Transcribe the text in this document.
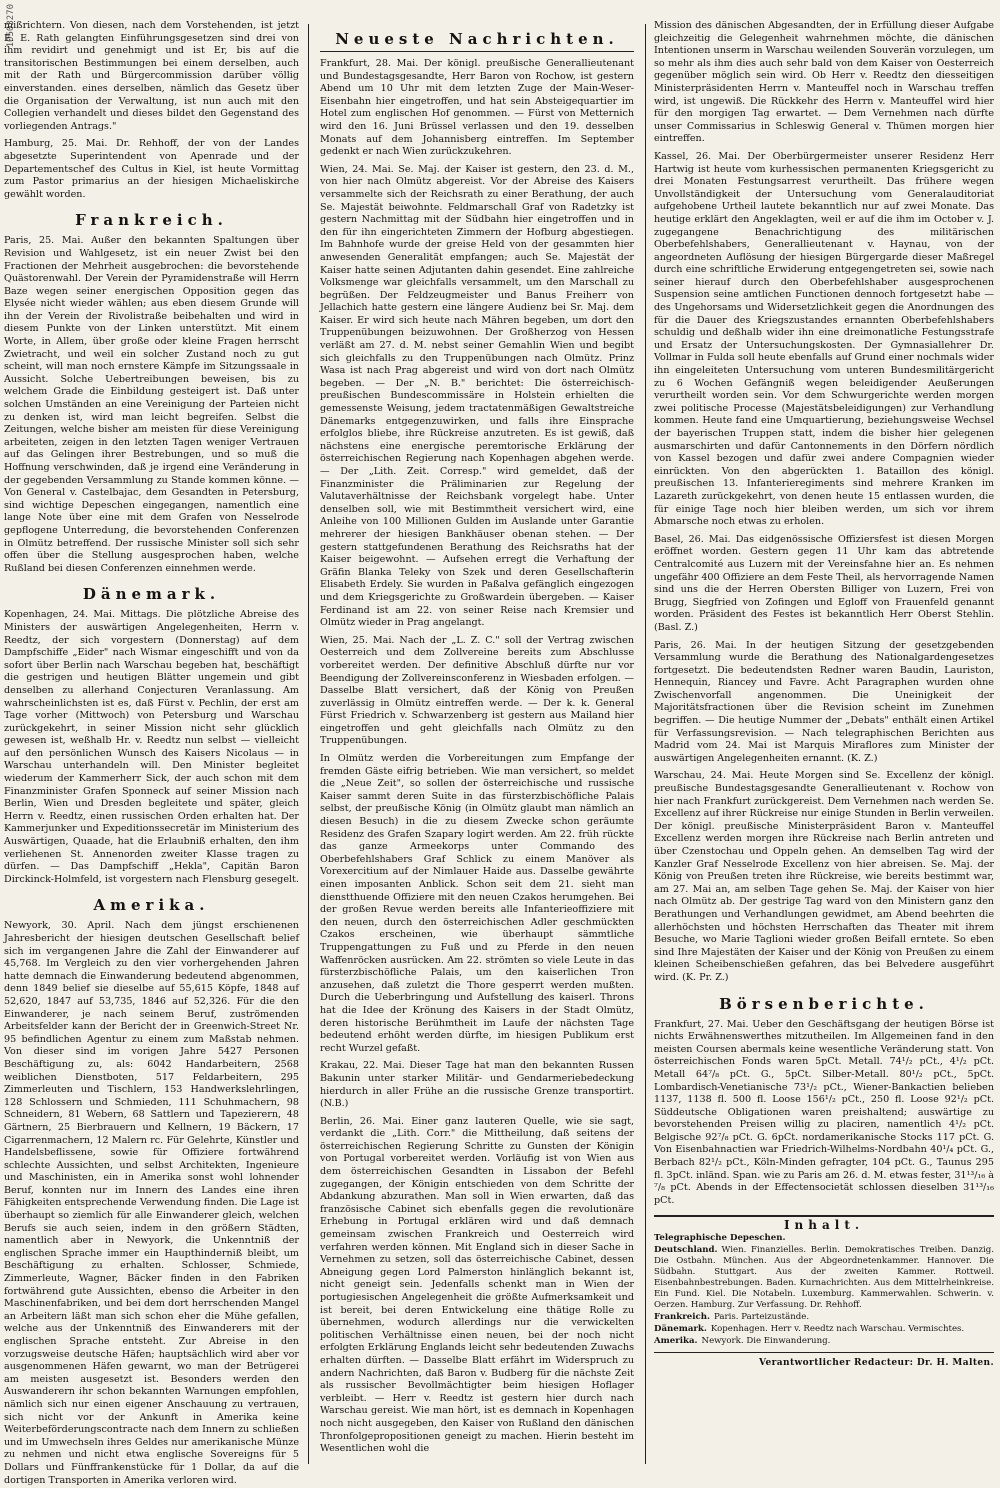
10503270

mißrichtern. Von diesen, nach dem Vorstehenden, ist jetzt E. E. Rath gelangten Einführungsgesetzen sind drei von ihm revidirt und genehmigt und ist Er, bis auf die transitorischen Bestimmungen bei einem derselben, auch mit der Rath und Bürgercommission darüber völlig einverstanden. eines derselben, nämlich das Gesetz über die Organisation der Verwaltung, ist nun auch mit den Collegien verhandelt und dieses bildet den Gegenstand des vorliegenden Antrags."

Hamburg, 25. Mai. Dr. Rehhoff, der von der Landes abgesetzte Superintendent von Apenrade und der Departementschef des Cultus in Kiel, ist heute Vormittag zum Pastor primarius an der hiesigen Michaeliskirche gewählt worden.

Frankreich.

Paris, 25. Mai. Außer den bekannten Spaltungen über Revision und Wahlgesetz, ist ein neuer Zwist bei den Fractionen der Mehrheit ausgebrochen: die bevorstehende Quästorenwahl. Der Verein der Pyramidenstraße will Herrn Baze wegen seiner energischen Opposition gegen das Elysée nicht wieder wählen; aus eben diesem Grunde will ihn der Verein der Rivolistraße beibehalten und wird in diesem Punkte von der Linken unterstützt. Mit einem Worte, in Allem, über große oder kleine Fragen herrscht Zwietracht, und weil ein solcher Zustand noch zu gut scheint, will man noch ernstere Kämpfe im Sitzungssaale in Aussicht. Solche Uebertreibungen beweisen, bis zu welchem Grade die Einbildung gesteigert ist. Daß unter solchen Umständen an eine Vereinigung der Parteien nicht zu denken ist, wird man leicht begreifen. Selbst die Zeitungen, welche bisher am meisten für diese Vereinigung arbeiteten, zeigen in den letzten Tagen weniger Vertrauen auf das Gelingen ihrer Bestrebungen, und so muß die Hoffnung verschwinden, daß je irgend eine Veränderung in der gegebenden Versammlung zu Stande kommen könne. — Von General v. Castelbajac, dem Gesandten in Petersburg, sind wichtige Depeschen eingegangen, namentlich eine lange Note über eine mit dem Grafen von Nesselrode gepflogene Unterredung, die bevorstehenden Conferenzen in Olmütz betreffend. Der russische Minister soll sich sehr offen über die Stellung ausgesprochen haben, welche Rußland bei diesen Conferenzen einnehmen werde.

Dänemark.

Kopenhagen, 24. Mai. Mittags. Die plötzliche Abreise des Ministers der auswärtigen Angelegenheiten, Herrn v. Reedtz, der sich vorgestern (Donnerstag) auf dem Dampfschiffe „Eider" nach Wismar eingeschifft und von da sofort über Berlin nach Warschau begeben hat, beschäftigt die gestrigen und heutigen Blätter ungemein und gibt denselben zu allerhand Conjecturen Veranlassung. Am wahrscheinlichsten ist es, daß Fürst v. Pechlin, der erst am Tage vorher (Mittwoch) von Petersburg und Warschau zurückgekehrt, in seiner Mission nicht sehr glücklich gewesen ist, weßhalb Hr. v. Reedtz nun selbst — vielleicht auf den persönlichen Wunsch des Kaisers Nicolaus — in Warschau unterhandeln will. Den Minister begleitet wiederum der Kammerherr Sick, der auch schon mit dem Finanzminister Grafen Sponneck auf seiner Mission nach Berlin, Wien und Dresden begleitete und später, gleich Herrn v. Reedtz, einen russischen Orden erhalten hat. Der Kammerjunker und Expeditionssecretär im Ministerium des Auswärtigen, Quaade, hat die Erlaubniß erhalten, den ihm verliehenen St. Annenorden zweiter Klasse tragen zu dürfen. — Das Dampfschiff „Hekla", Capitän Baron Dirckinck-Holmfeld, ist vorgestern nach Flensburg gesegelt.

Amerika.

Newyork, 30. April. Nach dem jüngst erschienenen Jahresbericht der hiesigen deutschen Gesellschaft belief sich im vergangenen Jahre die Zahl der Einwanderer auf 45,768. Im Vergleich zu den vier vorhergehenden Jahren hatte demnach die Einwanderung bedeutend abgenommen, denn 1849 belief sie dieselbe auf 55,615 Köpfe, 1848 auf 52,620, 1847 auf 53,735, 1846 auf 52,326. Für die den Einwanderer, je nach seinem Beruf, zuströmenden Arbeitsfelder kann der Bericht der in Greenwich-Street Nr. 95 befindlichen Agentur zu einem zum Maßstab nehmen. Von dieser sind im vorigen Jahre 5427 Personen Beschäftigung zu, als: 6042 Handarbeitern, 2568 weiblichen Dienstboten, 517 Feldarbeitern, 295 Zimmerleuten und Tischlern, 153 Handwerkslehrlingen, 128 Schlossern und Schmieden, 111 Schuhmachern, 98 Schneidern, 81 Webern, 68 Sattlern und Tapezierern, 48 Gärtnern, 25 Bierbrauern und Kellnern, 19 Bäckern, 17 Cigarrenmachern, 12 Malern rc. Für Gelehrte, Künstler und Handelsbeflissene, sowie für Offiziere fortwährend schlechte Aussichten, und selbst Architekten, Ingenieure und Maschinisten, ein in Amerika sonst wohl lohnender Beruf, konnten nur im Innern des Landes eine ihren Fähigkeiten entsprechende Verwendung finden. Die Lage ist überhaupt so ziemlich für alle Einwanderer gleich, welchen Berufs sie auch seien, indem in den größern Städten, namentlich aber in Newyork, die Unkenntniß der englischen Sprache immer ein Haupthinderniß bleibt, um Beschäftigung zu erhalten. Schlosser, Schmiede, Zimmerleute, Wagner, Bäcker finden in den Fabriken fortwährend gute Aussichten, ebenso die Arbeiter in den Maschinenfabriken, und bei dem dort herrschenden Mangel an Arbeitern läßt man sich schon eher die Mühe gefallen, welche aus der Unkenntniß des Einwanderers mit der englischen Sprache entsteht. Zur Abreise in den vorzugsweise deutsche Häfen; hauptsächlich wird aber vor ausgenommenen Häfen gewarnt, wo man der Betrügerei am meisten ausgesetzt ist. Besonders werden den Auswanderern ihr schon bekannten Warnungen empfohlen, nämlich sich nur einen eigener Anschauung zu vertrauen, sich nicht vor der Ankunft in Amerika keine Weiterbeförderungscontracte nach dem Innern zu schließen und im Umwechseln ihres Geldes nur amerikanische Münze zu nehmen und nicht etwa englische Sovereigns für 5 Dollars und Fünffrankenstücke für 1 Dollar, da auf die dortigen Transporten in Amerika verloren wird.

Neueste Nachrichten.

Frankfurt, 28. Mai. Der königl. preußische Generallieutenant und Bundestagsgesandte, Herr Baron von Rochow, ist gestern Abend um 10 Uhr mit dem letzten Zuge der Main-Weser-Eisenbahn hier eingetroffen, und hat sein Absteigequartier im Hotel zum englischen Hof genommen. — Fürst von Metternich wird den 16. Juni Brüssel verlassen und den 19. desselben Monats auf dem Johannisberg eintreffen. Im September gedenkt er nach Wien zurückzukehren.

Wien, 24. Mai. Se. Maj. der Kaiser ist gestern, den 23. d. M., von hier nach Olmütz abgereist. Vor der Abreise des Kaisers versammelte sich der Reichsrath zu einer Berathung, der auch Se. Majestät beiwohnte. Feldmarschall Graf von Radetzky ist gestern Nachmittag mit der Südbahn hier eingetroffen und in den für ihn eingerichteten Zimmern der Hofburg abgestiegen. Im Bahnhofe wurde der greise Held von der gesammten hier anwesenden Generalität empfangen; auch Se. Majestät der Kaiser hatte seinen Adjutanten dahin gesendet. Eine zahlreiche Volksmenge war gleichfalls versammelt, um den Marschall zu begrüßen. Der Feldzeugmeister und Banus Freiherr von Jellachich hatte gestern eine längere Audienz bei Sr. Maj. dem Kaiser. Er wird sich heute nach Mähren begeben, um dort den Truppenübungen beizuwohnen. Der Großherzog von Hessen verläßt am 27. d. M. nebst seiner Gemahlin Wien und begibt sich gleichfalls zu den Truppenübungen nach Olmütz. Prinz Wasa ist nach Prag abgereist und wird von dort nach Olmütz begeben. — Der „N. B." berichtet: Die österreichisch-preußischen Bundescommissäre in Holstein erhielten die gemessenste Weisung, jedem tractatenmäßigen Gewaltstreiche Dänemarks entgegenzuwirken, und falls ihre Einsprache erfolglos bliebe, ihre Rückreise anzutreten. Es ist gewiß, daß nächstens eine energische peremtorische Erklärung der österreichischen Regierung nach Kopenhagen abgehen werde. — Der „Lith. Zeit. Corresp." wird gemeldet, daß der Finanzminister die Präliminarien zur Regelung der Valutaverhältnisse der Reichsbank vorgelegt habe. Unter denselben soll, wie mit Bestimmtheit versichert wird, eine Anleihe von 100 Millionen Gulden im Auslande unter Garantie mehrerer der hiesigen Bankhäuser obenan stehen. — Der gestern stattgefundenen Berathung des Reichsraths hat der Kaiser beigewohnt. — Aufsehen erregt die Verhaftung der Gräfin Blanka Teleky von Szek und deren Gesellschafterin Elisabeth Erdely. Sie wurden in Paßalva gefänglich eingezogen und dem Kriegsgerichte zu Großwardein übergeben. — Kaiser Ferdinand ist am 22. von seiner Reise nach Kremsier und Olmütz wieder in Prag angelangt.

Wien, 25. Mai. Nach der „L. Z. C." soll der Vertrag zwischen Oesterreich und dem Zollvereine bereits zum Abschlusse vorbereitet werden. Der definitive Abschluß dürfte nur vor Beendigung der Zollvereinsconferenz in Wiesbaden erfolgen. — Dasselbe Blatt versichert, daß der König von Preußen zuverlässig in Olmütz eintreffen werde. — Der k. k. General Fürst Friedrich v. Schwarzenberg ist gestern aus Mailand hier eingetroffen und geht gleichfalls nach Olmütz zu den Truppenübungen.

In Olmütz werden die Vorbereitungen zum Empfange der fremden Gäste eifrig betrieben. Wie man versichert, so meldet die „Neue Zeit", so sollen der österreichische und russische Kaiser sammt deren Suite in das fürsterzbischöfliche Palais selbst, der preußische König (in Olmütz glaubt man nämlich an diesen Besuch) in die zu diesem Zwecke schon geräumte Residenz des Grafen Szapary logirt werden. Am 22. früh rückte das ganze Armeekorps unter Commando des Oberbefehlshabers Graf Schlick zu einem Manöver als Vorexercitium auf der Nimlauer Haide aus. Dasselbe gewährte einen imposanten Anblick. Schon seit dem 21. sieht man dienstthuende Offiziere mit den neuen Czakos herumgehen. Bei der großen Revue werden bereits alle Infanterieoffiziere mit den neuen, durch den österreichischen Adler geschmückten Czakos erscheinen, wie überhaupt sämmtliche Truppengattungen zu Fuß und zu Pferde in den neuen Waffenröcken ausrücken. Am 22. strömten so viele Leute in das fürsterzbischöfliche Palais, um den kaiserlichen Tron anzusehen, daß zuletzt die Thore gesperrt werden mußten. Durch die Ueberbringung und Aufstellung des kaiserl. Throns hat die Idee der Krönung des Kaisers in der Stadt Olmütz, deren historische Berühmtheit im Laufe der nächsten Tage bedeutend erhöht werden dürfte, im hiesigen Publikum erst recht Wurzel gefaßt.

Krakau, 22. Mai. Dieser Tage hat man den bekannten Russen Bakunin unter starker Militär- und Gendarmeriebedeckung hierdurch in aller Frühe an die russische Grenze transportirt. (N.B.)

Berlin, 26. Mai. Einer ganz lauteren Quelle, wie sie sagt, verdankt die „Lith. Corr." die Mittheilung, daß seitens der österreichischen Regierung Schritte zu Gunsten der Königin von Portugal vorbereitet werden. Vorläufig ist von Wien aus dem österreichischen Gesandten in Lissabon der Befehl zugegangen, der Königin entschieden von dem Schritte der Abdankung abzurathen. Man soll in Wien erwarten, daß das französische Cabinet sich ebenfalls gegen die revolutionäre Erhebung in Portugal erklären wird und daß demnach gemeinsam zwischen Frankreich und Oesterreich wird verfahren werden können. Mit England sich in dieser Sache in Vernehmen zu setzen, soll das österreichische Cabinet, dessen Abneigung gegen Lord Palmerston hinlänglich bekannt ist, nicht geneigt sein. Jedenfalls schenkt man in Wien der portugiesischen Angelegenheit die größte Aufmerksamkeit und ist bereit, bei deren Entwickelung eine thätige Rolle zu übernehmen, wodurch allerdings nur die verwickelten politischen Verhältnisse einen neuen, bei der noch nicht erfolgten Erklärung Englands leicht sehr bedeutenden Zuwachs erhalten dürften. — Dasselbe Blatt erfährt im Widerspruch zu andern Nachrichten, daß Baron v. Budberg für die nächste Zeit als russischer Bevollmächtigter beim hiesigen Hoflager verbleibt. — Herr v. Reedtz ist gestern hier durch nach Warschau gereist. Wie man hört, ist es demnach in Kopenhagen noch nicht ausgegeben, den Kaiser von Rußland den dänischen Thronfolgepropositionen geneigt zu machen. Hierin besteht im Wesentlichen wohl die

Mission des dänischen Abgesandten, der in Erfüllung dieser Aufgabe gleichzeitig die Gelegenheit wahrnehmen möchte, die dänischen Intentionen unserm in Warschau weilenden Souverän vorzulegen, um so mehr als ihm dies auch sehr bald von dem Kaiser von Oesterreich gegenüber möglich sein wird. Ob Herr v. Reedtz den diesseitigen Ministerpräsidenten Herrn v. Manteuffel noch in Warschau treffen wird, ist ungewiß. Die Rückkehr des Herrn v. Manteuffel wird hier für den morgigen Tag erwartet. — Dem Vernehmen nach dürfte unser Commissarius in Schleswig General v. Thümen morgen hier eintreffen.

Kassel, 26. Mai. Der Oberbürgermeister unserer Residenz Herr Hartwig ist heute vom kurhessischen permanenten Kriegsgericht zu drei Monaten Festungsarrest verurtheilt. Das frühere wegen Unvollständigkeit der Untersuchung vom Generalauditoriat aufgehobene Urtheil lautete bekanntlich nur auf zwei Monate. Das heutige erklärt den Angeklagten, weil er auf die ihm im October v. J. zugegangene Benachrichtigung des militärischen Oberbefehlshabers, Generallieutenant v. Haynau, von der angeordneten Auflösung der hiesigen Bürgergarde dieser Maßregel durch eine schriftliche Erwiderung entgegengetreten sei, sowie nach seiner hierauf durch den Oberbefehlshaber ausgesprochenen Suspension seine amtlichen Functionen dennoch fortgesetzt habe — des Ungehorsams und Widersetzlichkeit gegen die Anordnungen des für die Dauer des Kriegszustandes ernannten Oberbefehlshabers schuldig und deßhalb wider ihn eine dreimonatliche Festungsstrafe und Ersatz der Untersuchungskosten. Der Gymnasiallehrer Dr. Vollmar in Fulda soll heute ebenfalls auf Grund einer nochmals wider ihn eingeleiteten Untersuchung vom unteren Bundesmilitärgericht zu 6 Wochen Gefängniß wegen beleidigender Aeußerungen verurtheilt worden sein. Vor dem Schwurgerichte werden morgen zwei politische Processe (Majestätsbeleidigungen) zur Verhandlung kommen. Heute fand eine Umquartierung, beziehungsweise Wechsel der bayerischen Truppen statt, indem die bisher hier gelegenen ausmarschirten und dafür Cantonnements in den Dörfern nördlich von Kassel bezogen und dafür zwei andere Compagnien wieder einrückten. Von den abgerückten 1. Bataillon des königl. preußischen 13. Infanterieregiments sind mehrere Kranken im Lazareth zurückgekehrt, von denen heute 15 entlassen wurden, die für einige Tage noch hier bleiben werden, um sich vor ihrem Abmarsche noch etwas zu erholen.

Basel, 26. Mai. Das eidgenössische Offiziersfest ist diesen Morgen eröffnet worden. Gestern gegen 11 Uhr kam das abtretende Centralcomité aus Luzern mit der Vereinsfahne hier an. Es nehmen ungefähr 400 Offiziere an dem Feste Theil, als hervorragende Namen sind uns die der Herren Obersten Billiger von Luzern, Frei von Brugg, Siegfried von Zofingen und Egloff von Frauenfeld genannt worden. Präsident des Festes ist bekanntlich Herr Oberst Stehlin. (Basl. Z.)

Paris, 26. Mai. In der heutigen Sitzung der gesetzgebenden Versammlung wurde die Berathung des Nationalgardengesetzes fortgesetzt. Die bedeutendsten Redner waren Baudin, Lauriston, Hennequin, Riancey und Favre. Acht Paragraphen wurden ohne Zwischenvorfall angenommen. Die Uneinigkeit der Majoritätsfractionen über die Revision scheint im Zunehmen begriffen. — Die heutige Nummer der „Debats" enthält einen Artikel für Verfassungsrevision. — Nach telegraphischen Berichten aus Madrid vom 24. Mai ist Marquis Miraflores zum Minister der auswärtigen Angelegenheiten ernannt. (K. Z.)

Warschau, 24. Mai. Heute Morgen sind Se. Excellenz der königl. preußische Bundestagsgesandte Generallieutenant v. Rochow von hier nach Frankfurt zurückgereist. Dem Vernehmen nach werden Se. Excellenz auf ihrer Rückreise nur einige Stunden in Berlin verweilen. Der königl. preußische Ministerpräsident Baron v. Manteuffel Excellenz werden morgen ihre Rückreise nach Berlin antreten und über Czenstochau und Oppeln gehen. An demselben Tag wird der Kanzler Graf Nesselrode Excellenz von hier abreisen. Se. Maj. der König von Preußen treten ihre Rückreise, wie bereits bestimmt war, am 27. Mai an, am selben Tage gehen Se. Maj. der Kaiser von hier nach Olmütz ab. Der gestrige Tag ward von den Ministern ganz den Berathungen und Verhandlungen gewidmet, am Abend beehrten die allerhöchsten und höchsten Herrschaften das Theater mit ihrem Besuche, wo Marie Taglioni wieder großen Beifall erntete. So eben sind Ihre Majestäten der Kaiser und der König von Preußen zu einem kleinen Scheibenschießen gefahren, das bei Belvedere ausgeführt wird. (K. Pr. Z.)

Börsenberichte.

Frankfurt, 27. Mai. Ueber den Geschäftsgang der heutigen Börse ist nichts Erwähnenswerthes mitzutheilen. Im Allgemeinen fand in den meisten Coursen abermals keine wesentliche Veränderung statt. Von österreichischen Fonds waren 5pCt. Metall. 74¹/₂ pCt., 4¹/₂ pCt. Metall 64⁷/₈ pCt. G., 5pCt. Silber-Metall. 80¹/₂ pCt., 5pCt. Lombardisch-Venetianische 73¹/₂ pCt., Wiener-Bankactien belieben 1137, 1138 fl. 500 fl. Loose 156¹/₂ pCt., 250 fl. Loose 92¹/₂ pCt. Süddeutsche Obligationen waren preishaltend; auswärtige zu bevorstehenden Preisen willig zu placiren, namentlich 4¹/₂ pCt. Belgische 92⁷/₈ pCt. G. 6pCt. nordamerikanische Stocks 117 pCt. G. Von Eisenbahnactien war Friedrich-Wilhelms-Nordbahn 40¹/₄ pCt. G., Berbach 82¹/₂ pCt., Köln-Minden gefragter, 104 pCt. G., Taunus 295 fl. 3pCt. inländ. Span. wie zu Paris am 26. d. M. etwas fester, 31¹³/₁₆ à ⁷/₈ pCt. Abends in der Effectensocietät schlossen dieselben 31¹³/₁₆ pCt.

Inhalt.
Telegraphische Depeschen.
Deutschland. Wien. Finanzielles. Berlin. Demokratisches Treiben. Danzig. Die Ostbahn. München. Aus der Abgeordnetenkammer. Hannover. Die Südbahn. Stuttgart. Aus der zweiten Kammer. Rottweil. Eisenbahnbestrebungen. Baden. Kurnachrichten. Aus dem Mittelrheinkreise. Ein Fund. Kiel. Die Notabeln. Luxemburg. Kammerwahlen. Schwerin. v. Oerzen. Hamburg. Zur Verfassung. Dr. Rehhoff.
Frankreich. Paris. Parteizustände.
Dänemark. Kopenhagen. Herr v. Reedtz nach Warschau. Vermischtes.
Amerika. Newyork. Die Einwanderung.
Verantwortlicher Redacteur: Dr. H. Malten.
